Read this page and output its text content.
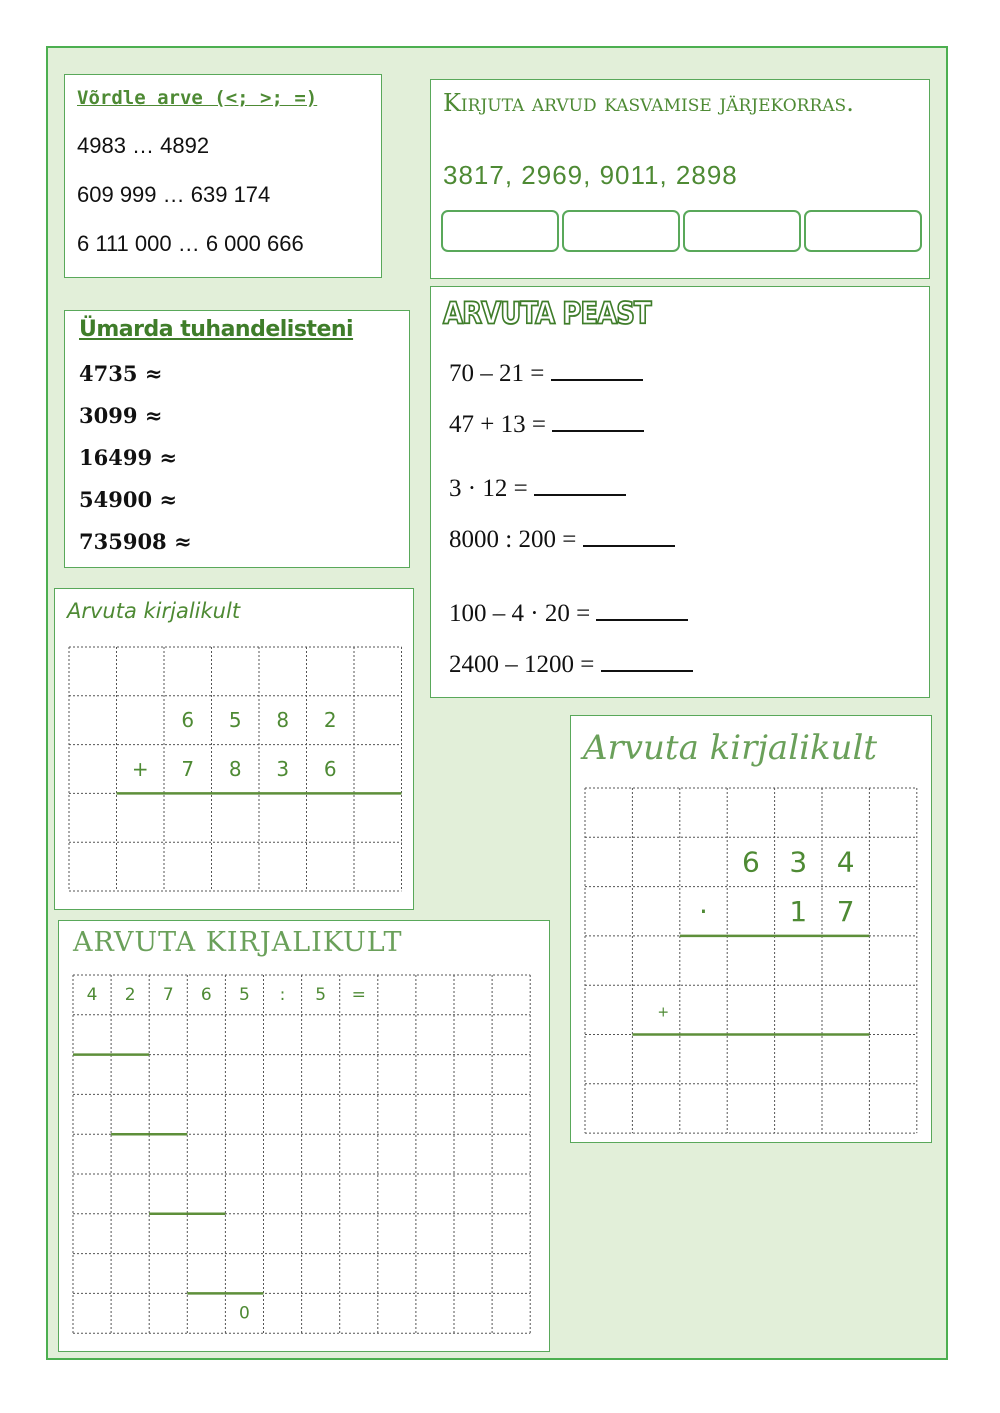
Võrdle arve (<; >; =)
4983 … 4892
609 999 … 639 174
6 111 000 … 6 000 666
Kirjuta arvud kasvamise järjekorras.
3817, 2969, 9011, 2898
Ümarda tuhandelisteni
4735 ≈
3099 ≈
16499 ≈
54900 ≈
735908 ≈
ARVUTA PEAST
70 – 21 =
47 + 13 =
3 · 12 =
8000 : 200 =
100 – 4 · 20 =
2400 – 1200 =
Arvuta kirjalikult
6 5 8 2
+ 7 8 3 6
ARVUTA KIRJALIKULT
4 2 7 6 5 : 5 =
0
Arvuta kirjalikult
6 3 4
·	1 7
+
